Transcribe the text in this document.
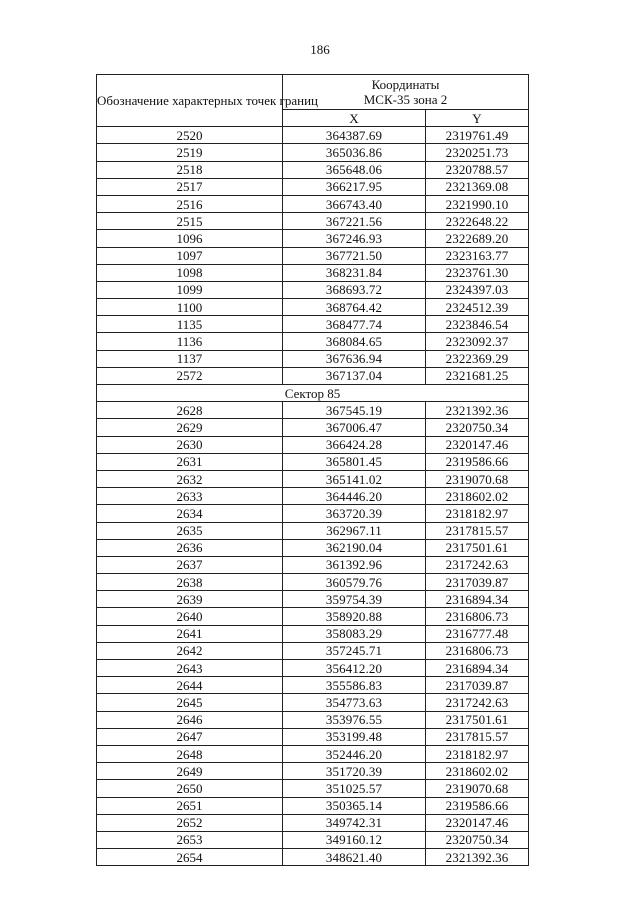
186
Обозначение характерных точек границ	Координаты
МСК-35 зона 2	

	X	Y
2520	364387.69	2319761.49
2519	365036.86	2320251.73
2518	365648.06	2320788.57
2517	366217.95	2321369.08
2516	366743.40	2321990.10
2515	367221.56	2322648.22
1096	367246.93	2322689.20
1097	367721.50	2323163.77
1098	368231.84	2323761.30
1099	368693.72	2324397.03
1100	368764.42	2324512.39
1135	368477.74	2323846.54
1136	368084.65	2323092.37
1137	367636.94	2322369.29
2572	367137.04	2321681.25
Сектор 85		
2628	367545.19	2321392.36
2629	367006.47	2320750.34
2630	366424.28	2320147.46
2631	365801.45	2319586.66
2632	365141.02	2319070.68
2633	364446.20	2318602.02
2634	363720.39	2318182.97
2635	362967.11	2317815.57
2636	362190.04	2317501.61
2637	361392.96	2317242.63
2638	360579.76	2317039.87
2639	359754.39	2316894.34
2640	358920.88	2316806.73
2641	358083.29	2316777.48
2642	357245.71	2316806.73
2643	356412.20	2316894.34
2644	355586.83	2317039.87
2645	354773.63	2317242.63
2646	353976.55	2317501.61
2647	353199.48	2317815.57
2648	352446.20	2318182.97
2649	351720.39	2318602.02
2650	351025.57	2319070.68
2651	350365.14	2319586.66
2652	349742.31	2320147.46
2653	349160.12	2320750.34
2654	348621.40	2321392.36
